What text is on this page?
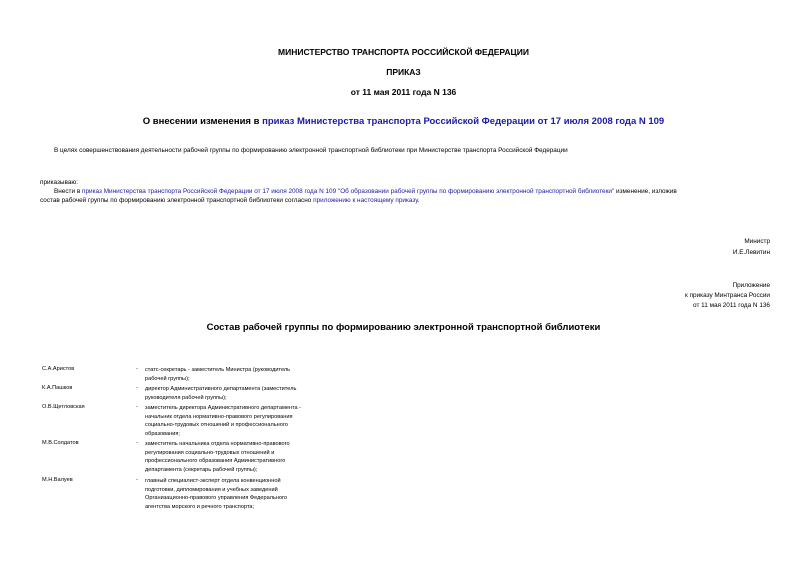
МИНИСТЕРСТВО ТРАНСПОРТА РОССИЙСКОЙ ФЕДЕРАЦИИ
ПРИКАЗ
от 11 мая 2011 года N 136
О внесении изменения в приказ Министерства транспорта Российской Федерации от 17 июля 2008 года N 109
В целях совершенствования деятельности рабочей группы по формированию электронной транспортной библиотеки при Министерстве транспорта Российской Федерации
приказываю:
Внести в приказ Министерства транспорта Российской Федерации от 17 июля 2008 года N 109 "Об образовании рабочей группы по формированию электронной транспортной библиотеки" изменение, изложив
состав рабочей группы по формированию электронной транспортной библиотеки согласно приложению к настоящему приказу.
Министр
И.Е.Левитин
Приложение
к приказу Минтранса России
от 11 мая 2011 года N 136
Состав рабочей группы по формированию электронной транспортной библиотеки
С.А.Аристов	-	статс-секретарь - заместитель Министра (руководитель
рабочей группы);
К.А.Пашков	-	директор Административного департамента (заместитель
руководителя рабочей группы);
О.В.Щетловская	-	заместитель директора Административного департамента -
начальник отдела нормативно-правового регулирования
социально-трудовых отношений и профессионального
образования;
М.В.Солдатов	-	заместитель начальника отдела нормативно-правового
регулирования социально-трудовых отношений и
профессионального образования Административного
департамента (секретарь рабочей группы);
М.Н.Валуев	-	главный специалист-эксперт отдела конвенционной
подготовки, дипломирования и учебных заведений
Организационно-правового управления Федерального
агентства морского и речного транспорта;
